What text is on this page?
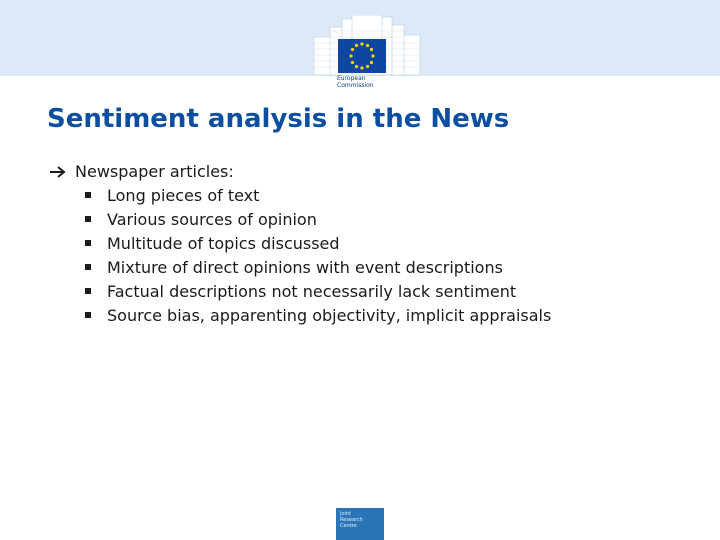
European
Commission
Sentiment analysis in the News
Newspaper articles:
Long pieces of text
Various sources of opinion
Multitude of topics discussed
Mixture of direct opinions with event descriptions
Factual descriptions not necessarily lack sentiment
Source bias, apparenting objectivity, implicit appraisals
Joint
Research
Centre
